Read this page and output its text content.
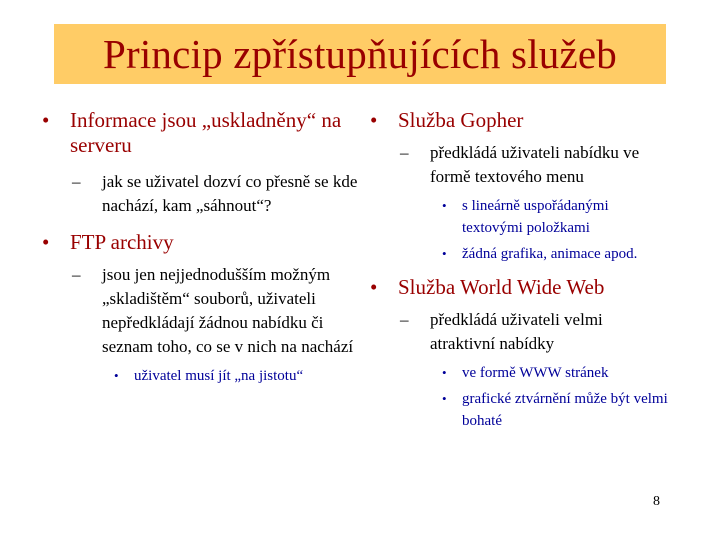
Princip zpřístupňujících služeb
• Informace jsou „uskladněny“ na serveru
– jak se uživatel dozví co přesně se kde nachází, kam „sáhnout“?
• FTP archivy
– jsou jen nejjednodušším možným „skladištěm“ souborů, uživateli nepředkládají žádnou nabídku či seznam toho, co se v nich na nachází
• uživatel musí jít „na jistotu“
• Služba Gopher
– předkládá uživateli nabídku ve formě textového menu
• s lineárně uspořádanými textovými položkami
• žádná grafika, animace apod.
• Služba World Wide Web
– předkládá uživateli velmi atraktivní nabídky
• ve formě WWW stránek
• grafické ztvárnění může být velmi bohaté
8
